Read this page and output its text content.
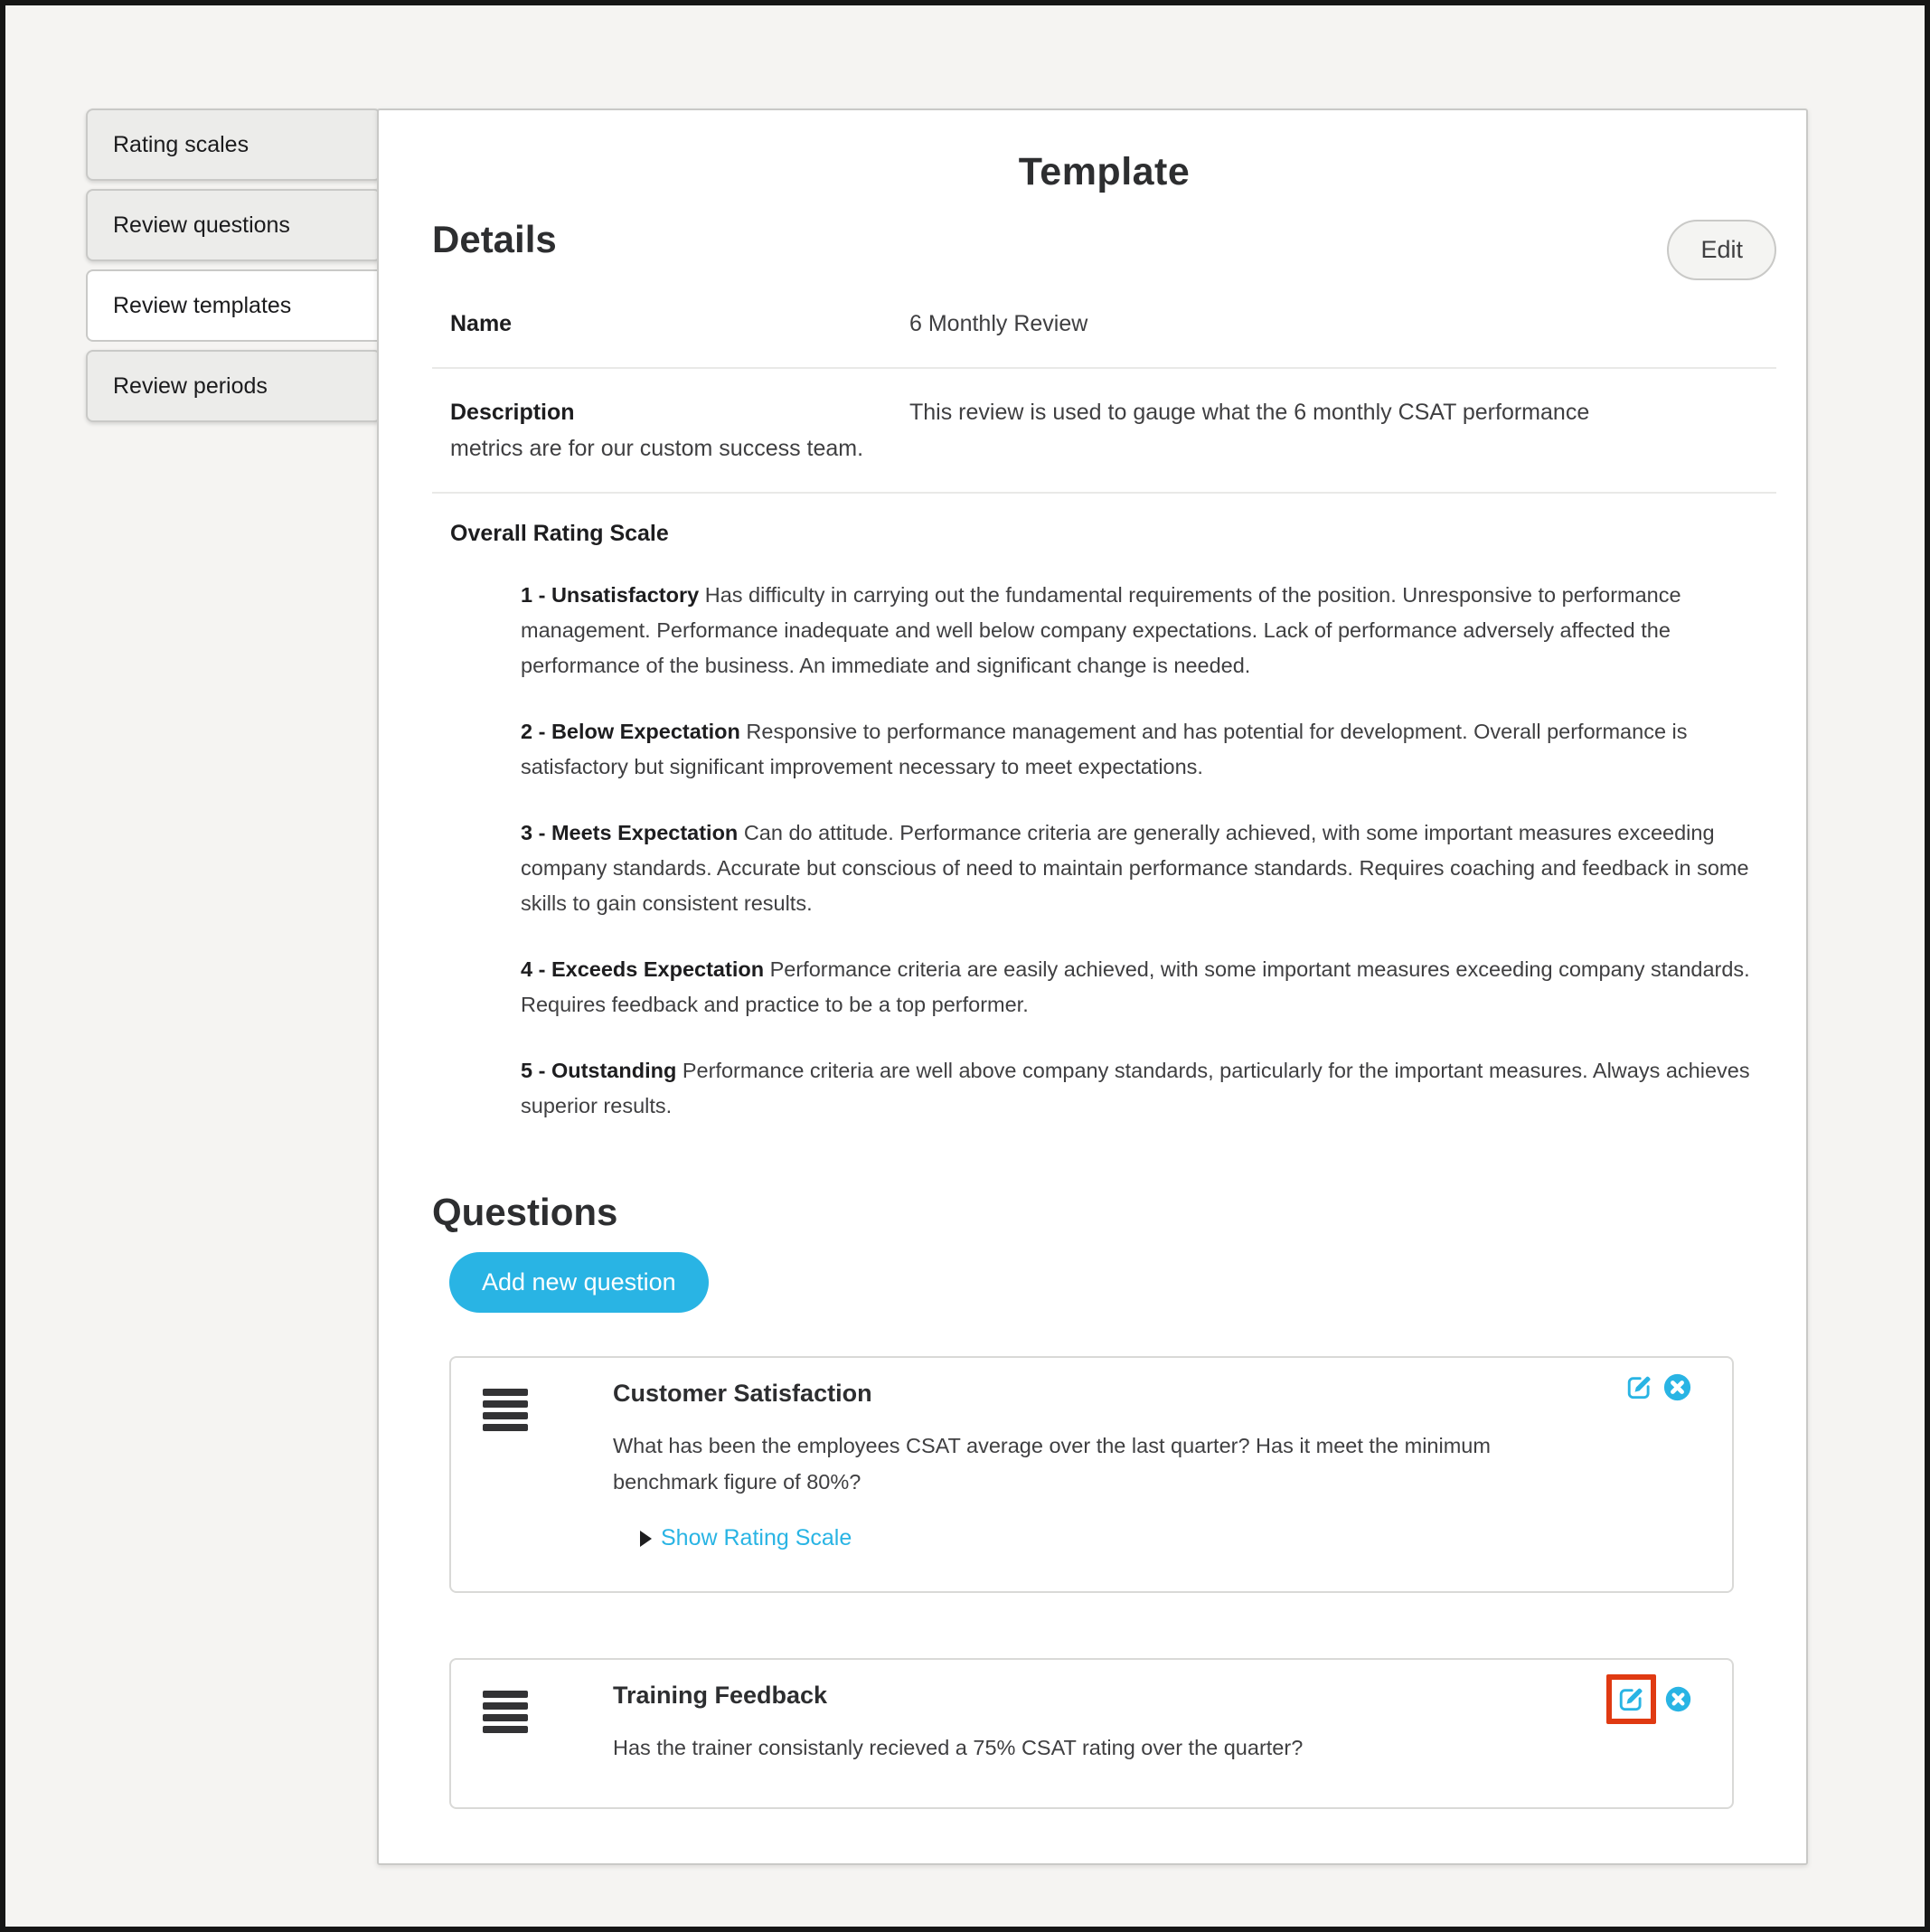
Rating scales
Review questions
Review templates
Review periods
Template
Details	Edit
Name	6 Monthly Review
Description	This review is used to gauge what the 6 monthly CSAT performance metrics are for our custom success team.
Overall Rating Scale

1 - Unsatisfactory Has difficulty in carrying out the fundamental requirements of the position. Unresponsive to performance management. Performance inadequate and well below company expectations. Lack of performance adversely affected the performance of the business. An immediate and significant change is needed.

2 - Below Expectation Responsive to performance management and has potential for development. Overall performance is satisfactory but significant improvement necessary to meet expectations.

3 - Meets Expectation Can do attitude. Performance criteria are generally achieved, with some important measures exceeding company standards. Accurate but conscious of need to maintain performance standards. Requires coaching and feedback in some skills to gain consistent results.

4 - Exceeds Expectation Performance criteria are easily achieved, with some important measures exceeding company standards. Requires feedback and practice to be a top performer.

5 - Outstanding Performance criteria are well above company standards, particularly for the important measures. Always achieves superior results.

Questions
Add new question
Customer Satisfaction

What has been the employees CSAT average over the last quarter? Has it meet the minimum benchmark figure of 80%?

Show Rating Scale
Training Feedback

Has the trainer consistanly recieved a 75% CSAT rating over the quarter?
